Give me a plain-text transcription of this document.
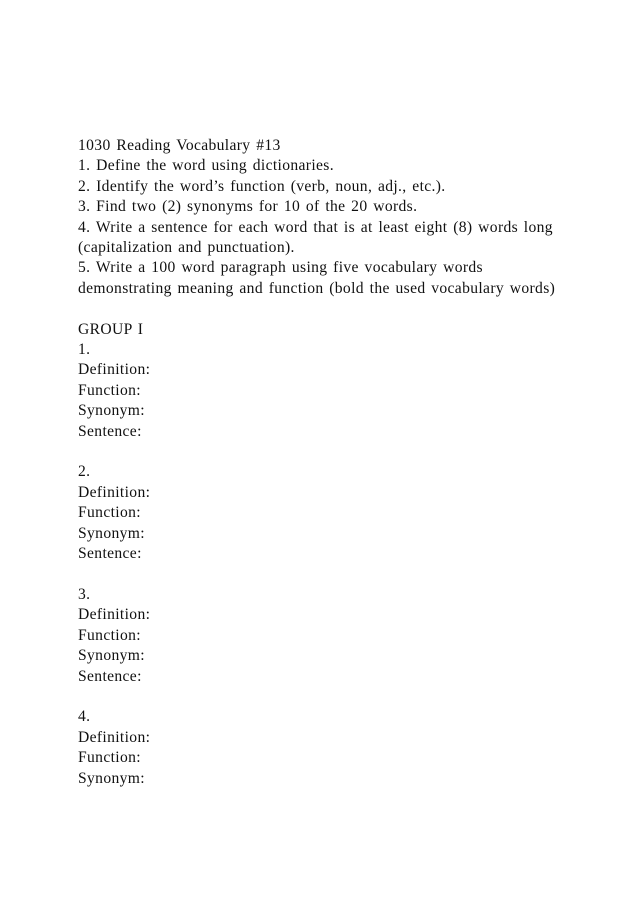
1030 Reading Vocabulary #13
1. Define the word using dictionaries.
2. Identify the word’s function (verb, noun, adj., etc.).
3. Find two (2) synonyms for 10 of the 20 words.
4. Write a sentence for each word that is at least eight (8) words long (capitalization and punctuation).
5. Write a 100 word paragraph using five vocabulary words demonstrating meaning and function (bold the used vocabulary words)
GROUP I
1.
Definition:
Function:
Synonym:
Sentence:
2.
Definition:
Function:
Synonym:
Sentence:
3.
Definition:
Function:
Synonym:
Sentence:
4.
Definition:
Function:
Synonym:
